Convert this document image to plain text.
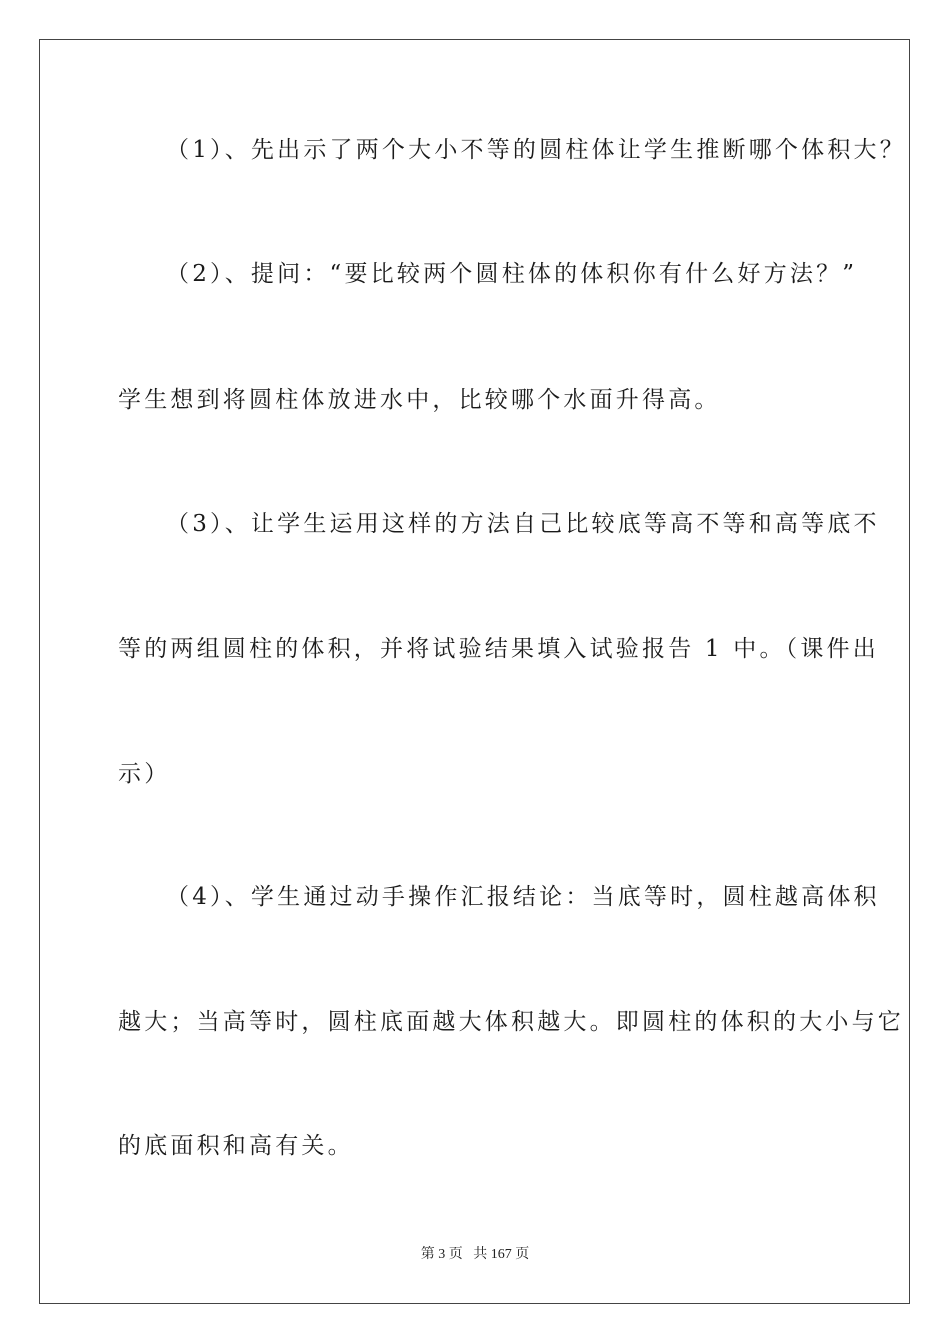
（1）、先出示了两个大小不等的圆柱体让学生推断哪个体积大？
（2）、提问：“要比较两个圆柱体的体积你有什么好方法？”
学生想到将圆柱体放进水中，比较哪个水面升得高。
（3）、让学生运用这样的方法自己比较底等高不等和高等底不
等的两组圆柱的体积，并将试验结果填入试验报告 1 中。（课件出
示）
（4）、学生通过动手操作汇报结论：当底等时，圆柱越高体积
越大；当高等时，圆柱底面越大体积越大。即圆柱的体积的大小与它
的底面积和高有关。
第 3 页   共 167 页
